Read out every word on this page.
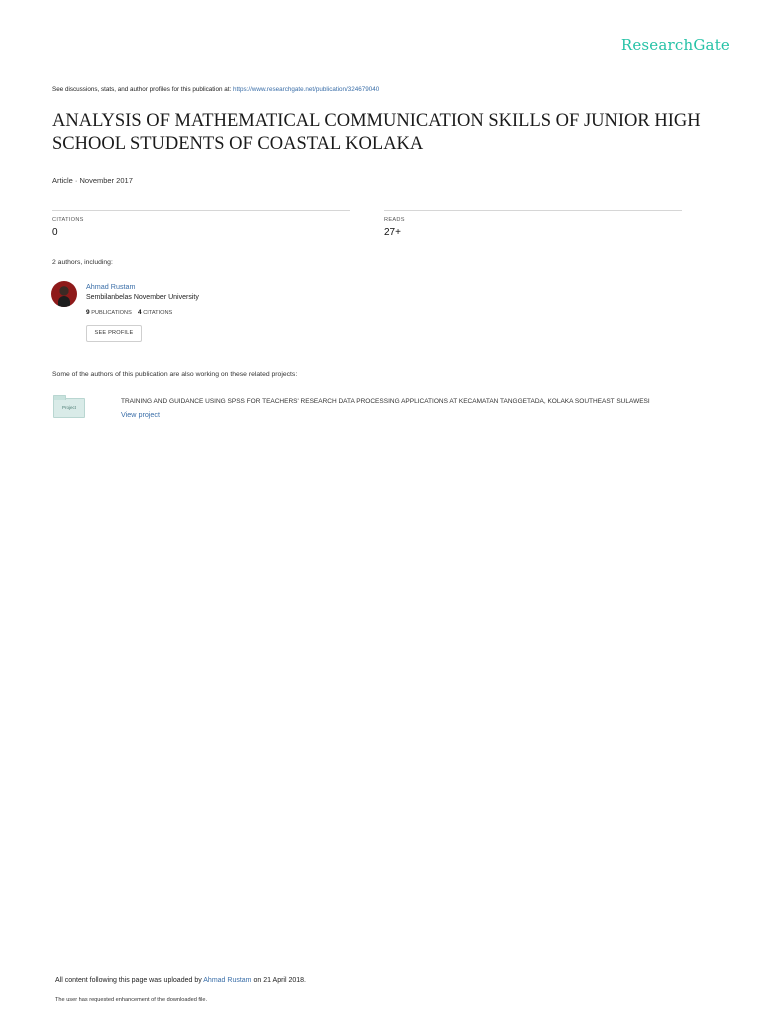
ResearchGate
See discussions, stats, and author profiles for this publication at: https://www.researchgate.net/publication/324679040
ANALYSIS OF MATHEMATICAL COMMUNICATION SKILLS OF JUNIOR HIGH SCHOOL STUDENTS OF COASTAL KOLAKA
Article · November 2017
CITATIONS
0
READS
27+
2 authors, including:
Ahmad Rustam
Sembilanbelas November University
9 PUBLICATIONS 4 CITATIONS
SEE PROFILE
Some of the authors of this publication are also working on these related projects:
Project
TRAINING AND GUIDANCE USING SPSS FOR TEACHERS' RESEARCH DATA PROCESSING APPLICATIONS AT KECAMATAN TANGGETADA, KOLAKA SOUTHEAST SULAWESI
View project
All content following this page was uploaded by Ahmad Rustam on 21 April 2018.
The user has requested enhancement of the downloaded file.
